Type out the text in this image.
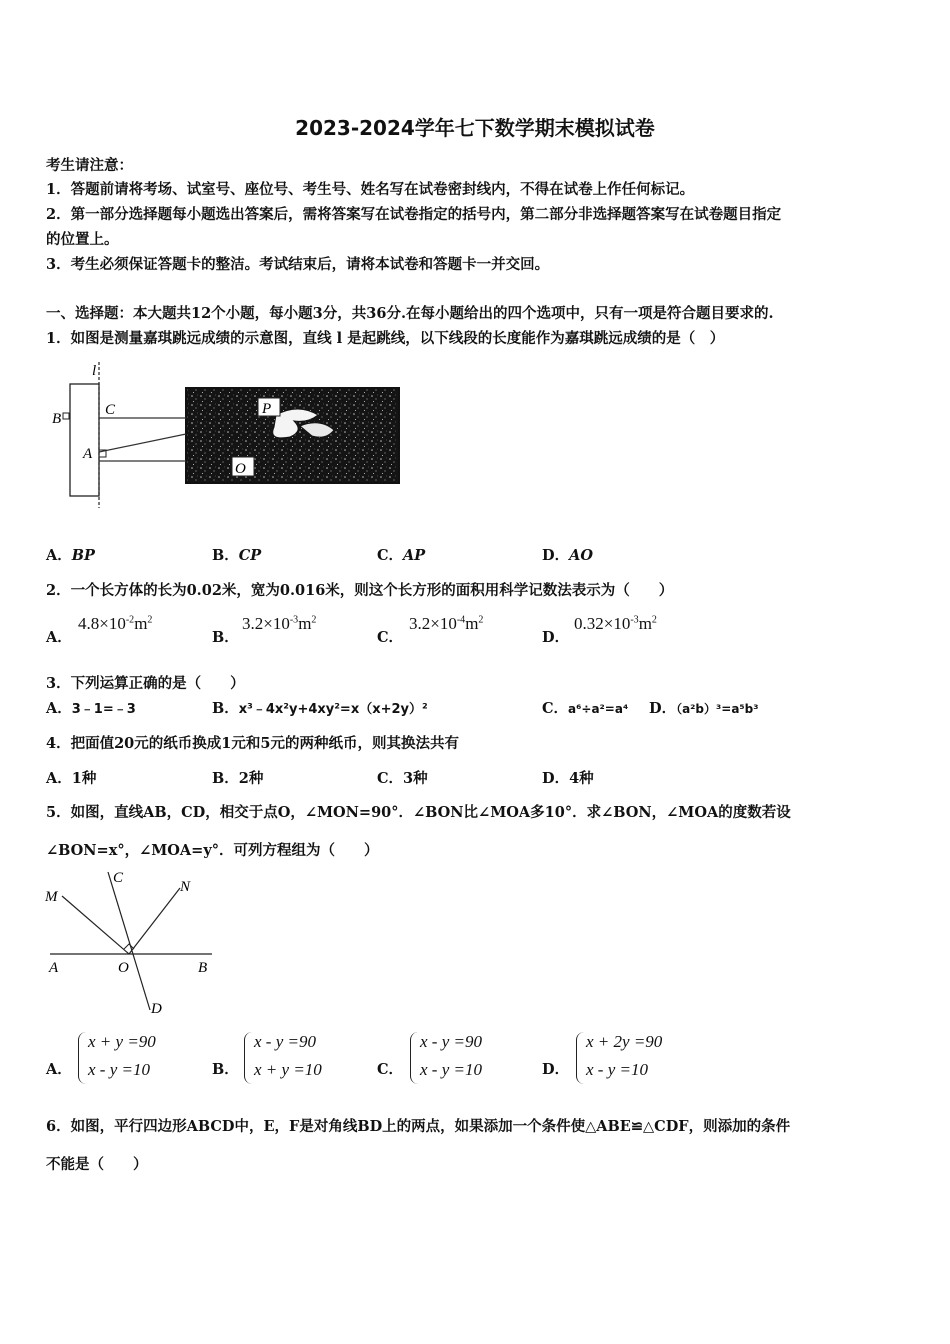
2023-2024学年七下数学期末模拟试卷
考生请注意：
1．答题前请将考场、试室号、座位号、考生号、姓名写在试卷密封线内，不得在试卷上作任何标记。
2．第一部分选择题每小题选出答案后，需将答案写在试卷指定的括号内，第二部分非选择题答案写在试卷题目指定
的位置上。
3．考生必须保证答题卡的整洁。考试结束后，请将本试卷和答题卡一并交回。
一、选择题：本大题共12个小题，每小题3分，共36分.在每小题给出的四个选项中，只有一项是符合题目要求的.
1．如图是测量嘉琪跳远成绩的示意图，直线 l 是起跳线，以下线段的长度能作为嘉琪跳远成绩的是（　）
l
B
C
A
P
O
A．BP	B．CP	C．AP	D．AO
2．一个长方体的长为0.02米，宽为0.016米，则这个长方形的面积用科学记数法表示为（　　）
A．
$4.8\times 10^{-2}m^2$
B．
$3.2\times 10^{-3}m^2$
C．
$3.2\times 10^{-4}m^2$
D．
$0.32\times 10^{-3}m^2$
3．下列运算正确的是（　　）
A．3﹣1=﹣3	B．x³﹣4x²y+4xy²=x（x+2y）²	C．a⁶÷a²=a⁴ D．（a²b）³=a⁵b³
4．把面值20元的纸币换成1元和5元的两种纸币，则其换法共有
A．1种	B．2种	C．3种	D．4种
5．如图，直线AB，CD，相交于点O，∠MON=90°．∠BON比∠MOA多10°．求∠BON，∠MOA的度数若设
∠BON=x°，∠MOA=y°．可列方程组为（　　）
M
C
N
A	O	B
D
A．
x + y =90
x - y =10	B．
x - y =90
x + y =10	C．
x - y =90
x - y =10	D．
x + 2y =90
x - y =10
6．如图，平行四边形ABCD中，E，F是对角线BD上的两点，如果添加一个条件使△ABE≌△CDF，则添加的条件
不能是（　　）
